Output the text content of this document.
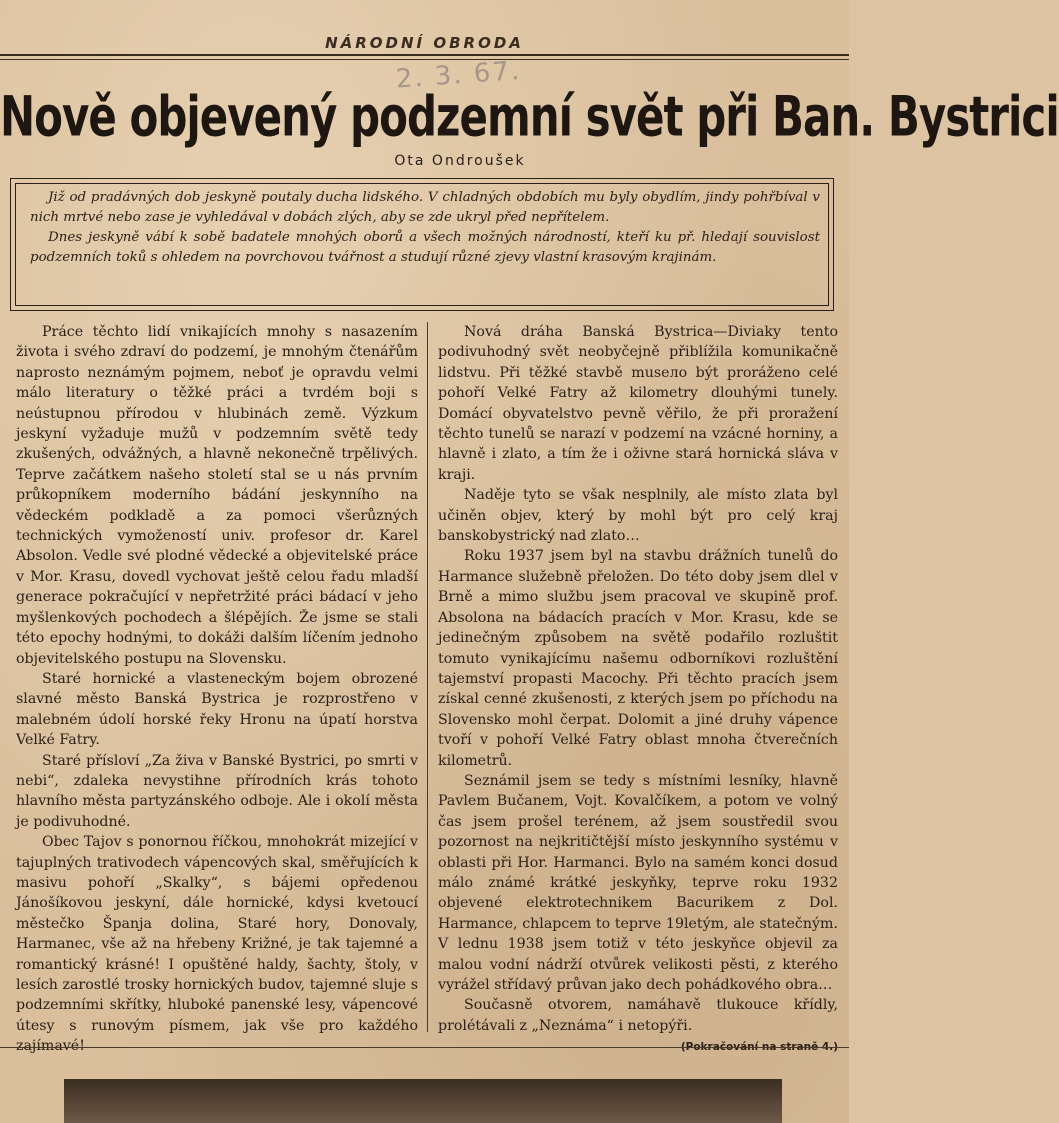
NÁRODNÍ OBRODA
2. 3. 67.
Nově objevený podzemní svět při Ban. Bystrici
Ota Ondroušek

Již od pradávných dob jeskyně poutaly ducha lidského. V chladných obdobích mu byly obydlím, jindy pohřbíval v nich mrtvé nebo zase je vyhledával v dobách zlých, aby se zde ukryl před nepřítelem.

Dnes jeskyně vábí k sobě badatele mnohých oborů a všech možných národností, kteří ku př. hledají souvislost podzemních toků s ohledem na povrchovou tvářnost a studují různé zjevy vlastní krasovým krajinám.

Práce těchto lidí vnikajících mnohy s nasazením života i svého zdraví do podzemí, je mnohým čtenářům naprosto neznámým pojmem, neboť je opravdu velmi málo literatury o těžké práci a tvrdém boji s neústupnou přírodou v hlubinách země. Výzkum jeskyní vyžaduje mužů v podzemním světě tedy zkušených, odvážných, a hlavně nekonečně trpělivých. Teprve začátkem našeho století stal se u nás prvním průkopníkem moderního bádání jeskynního na vědeckém podkladě a za pomoci všerůzných technických vymožeností univ. profesor dr. Karel Absolon. Vedle své plodné vědecké a objevitelské práce v Mor. Krasu, dovedl vychovat ještě celou řadu mladší generace pokračující v nepřetržité práci bádací v jeho myšlenkových pochodech a šlépějích. Že jsme se stali této epochy hodnými, to dokáži dalším líčením jednoho objevitelského postupu na Slovensku.

Staré hornické a vlasteneckým bojem obrozené slavné město Banská Bystrica je rozprostřeno v malebném údolí horské řeky Hronu na úpatí horstva Velké Fatry.

Staré přísloví „Za živa v Banské Bystrici, po smrti v nebi“, zdaleka nevystihne přírodních krás tohoto hlavního města partyzánského odboje. Ale i okolí města je podivuhodné.

Obec Tajov s ponornou říčkou, mnohokrát mizející v tajuplných trativodech vápencových skal, směřujících k masivu pohoří „Skalky“, s bájemi opředenou Jánošíkovou jeskyní, dále hornické, kdysi kvetoucí městečko Španja dolina, Staré hory, Donovaly, Harmanec, vše až na hřebeny Križné, je tak tajemné a romantický krásné! I opuštěné haldy, šachty, štoly, v lesích zarostlé trosky hornických budov, tajemné sluje s podzemními skřítky, hluboké panenské lesy, vápencové útesy s runovým písmem, jak vše pro každého zajímavé!

Nová dráha Banská Bystrica—Diviaky tento podivuhodný svět neobyčejně přiblížila komunikačně lidstvu. Při těžké stavbě musело být proráženo celé pohoří Velké Fatry až kilometry dlouhými tunely. Domácí obyvatelstvo pevně věřilo, že při proražení těchto tunelů se narazí v podzemí na vzácné horniny, a hlavně i zlato, a tím že i oživne stará hornická sláva v kraji.

Naděje tyto se však nesplnily, ale místo zlata byl učiněn objev, který by mohl být pro celý kraj banskobystrický nad zlato…

Roku 1937 jsem byl na stavbu drážních tunelů do Harmance služebně přeložen. Do této doby jsem dlel v Brně a mimo službu jsem pracoval ve skupině prof. Absolona na bádacích pracích v Mor. Krasu, kde se jedinečným způsobem na světě podařilo rozluštit tomuto vynikajícímu našemu odborníkovi rozluštění tajemství propasti Macochy. Při těchto pracích jsem získal cenné zkušenosti, z kterých jsem po příchodu na Slovensko mohl čerpat. Dolomit a jiné druhy vápence tvoří v pohoří Velké Fatry oblast mnoha čtverečních kilometrů.

Seznámil jsem se tedy s místními lesníky, hlavně Pavlem Bučanem, Vojt. Kovalčíkem, a potom ve volný čas jsem prošel terénem, až jsem soustředil svou pozornost na nejkritičtější místo jeskynního systému v oblasti při Hor. Harmanci. Bylo na samém konci dosud málo známé krátké jeskyňky, teprve roku 1932 objevené elektrotechnikem Bacurikem z Dol. Harmance, chlapcem to teprve 19letým, ale statečným. V lednu 1938 jsem totiž v této jeskyňce objevil za malou vodní nádrží otvůrek velikosti pěsti, z kterého vyrážel střídavý průvan jako dech pohádkového obra…

Současně otvorem, namáhavě tlukouce křídly, prolétávali z „Neznáma“ i netopýři.

(Pokračování na straně 4.)
